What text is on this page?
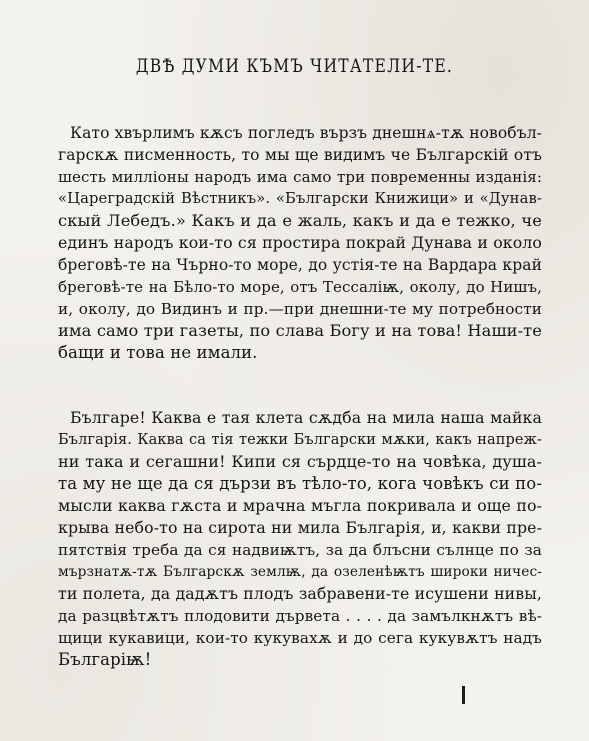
ДВѢ ДУМИ КЪМЪ ЧИТАТЕЛИ-ТЕ.
Като хвърлимъ кѫсъ погледъ вързъ днешнѧ-тѫ новобъл-
гарскѫ писменность, то мы ще видимъ че Българскій отъ
шесть милліоны народъ има само три повременны изданія:
«Цареградскій Вѣстникъ». «Български Книжици» и «Дунав-
скый Лебедъ.» Какъ и да е жаль, какъ и да е тежко, че
единъ народъ кои-то ся простира покрай Дунава и около
бреговѣ-те на Чърно-то море, до устія-те на Вардара край
бреговѣ-те на Бѣло-то море, отъ Тессаліѭ, околу, до Нишъ,
и, околу, до Видинъ и пр.—при днешни-те му потребности
има само три газеты, по слава Богу и на това! Наши-те
бащи и това не имали.
Българе! Каква е тая клета сѫдба на мила наша майка
Българія. Каква са тія тежки Български мѫки, какъ напреж-
ни така и сегашни! Кипи ся сърдце-то на човѣка, душа-
та му не ще да ся дързи въ тѣло-то, кога човѣкъ си по-
мысли каква гѫста и мрачна мъгла покривала и още по-
крыва небо-то на сирота ни мила Българія, и, какви пре-
пятствія треба да ся надвиѭтъ, за да блъсни сълнце по за
мързнатѫ-тѫ Българскѫ землѭ, да озеленѣѭтъ широки ничес-
ти полета, да дадѫтъ плодъ забравени-те исушени нивы,
да разцвѣтѫтъ плодовити дървета . . . . да замълкнѫтъ вѣ-
щици кукавици, кои-то кукувахѫ и до сега кукувѫтъ надъ
Българіѭ!
